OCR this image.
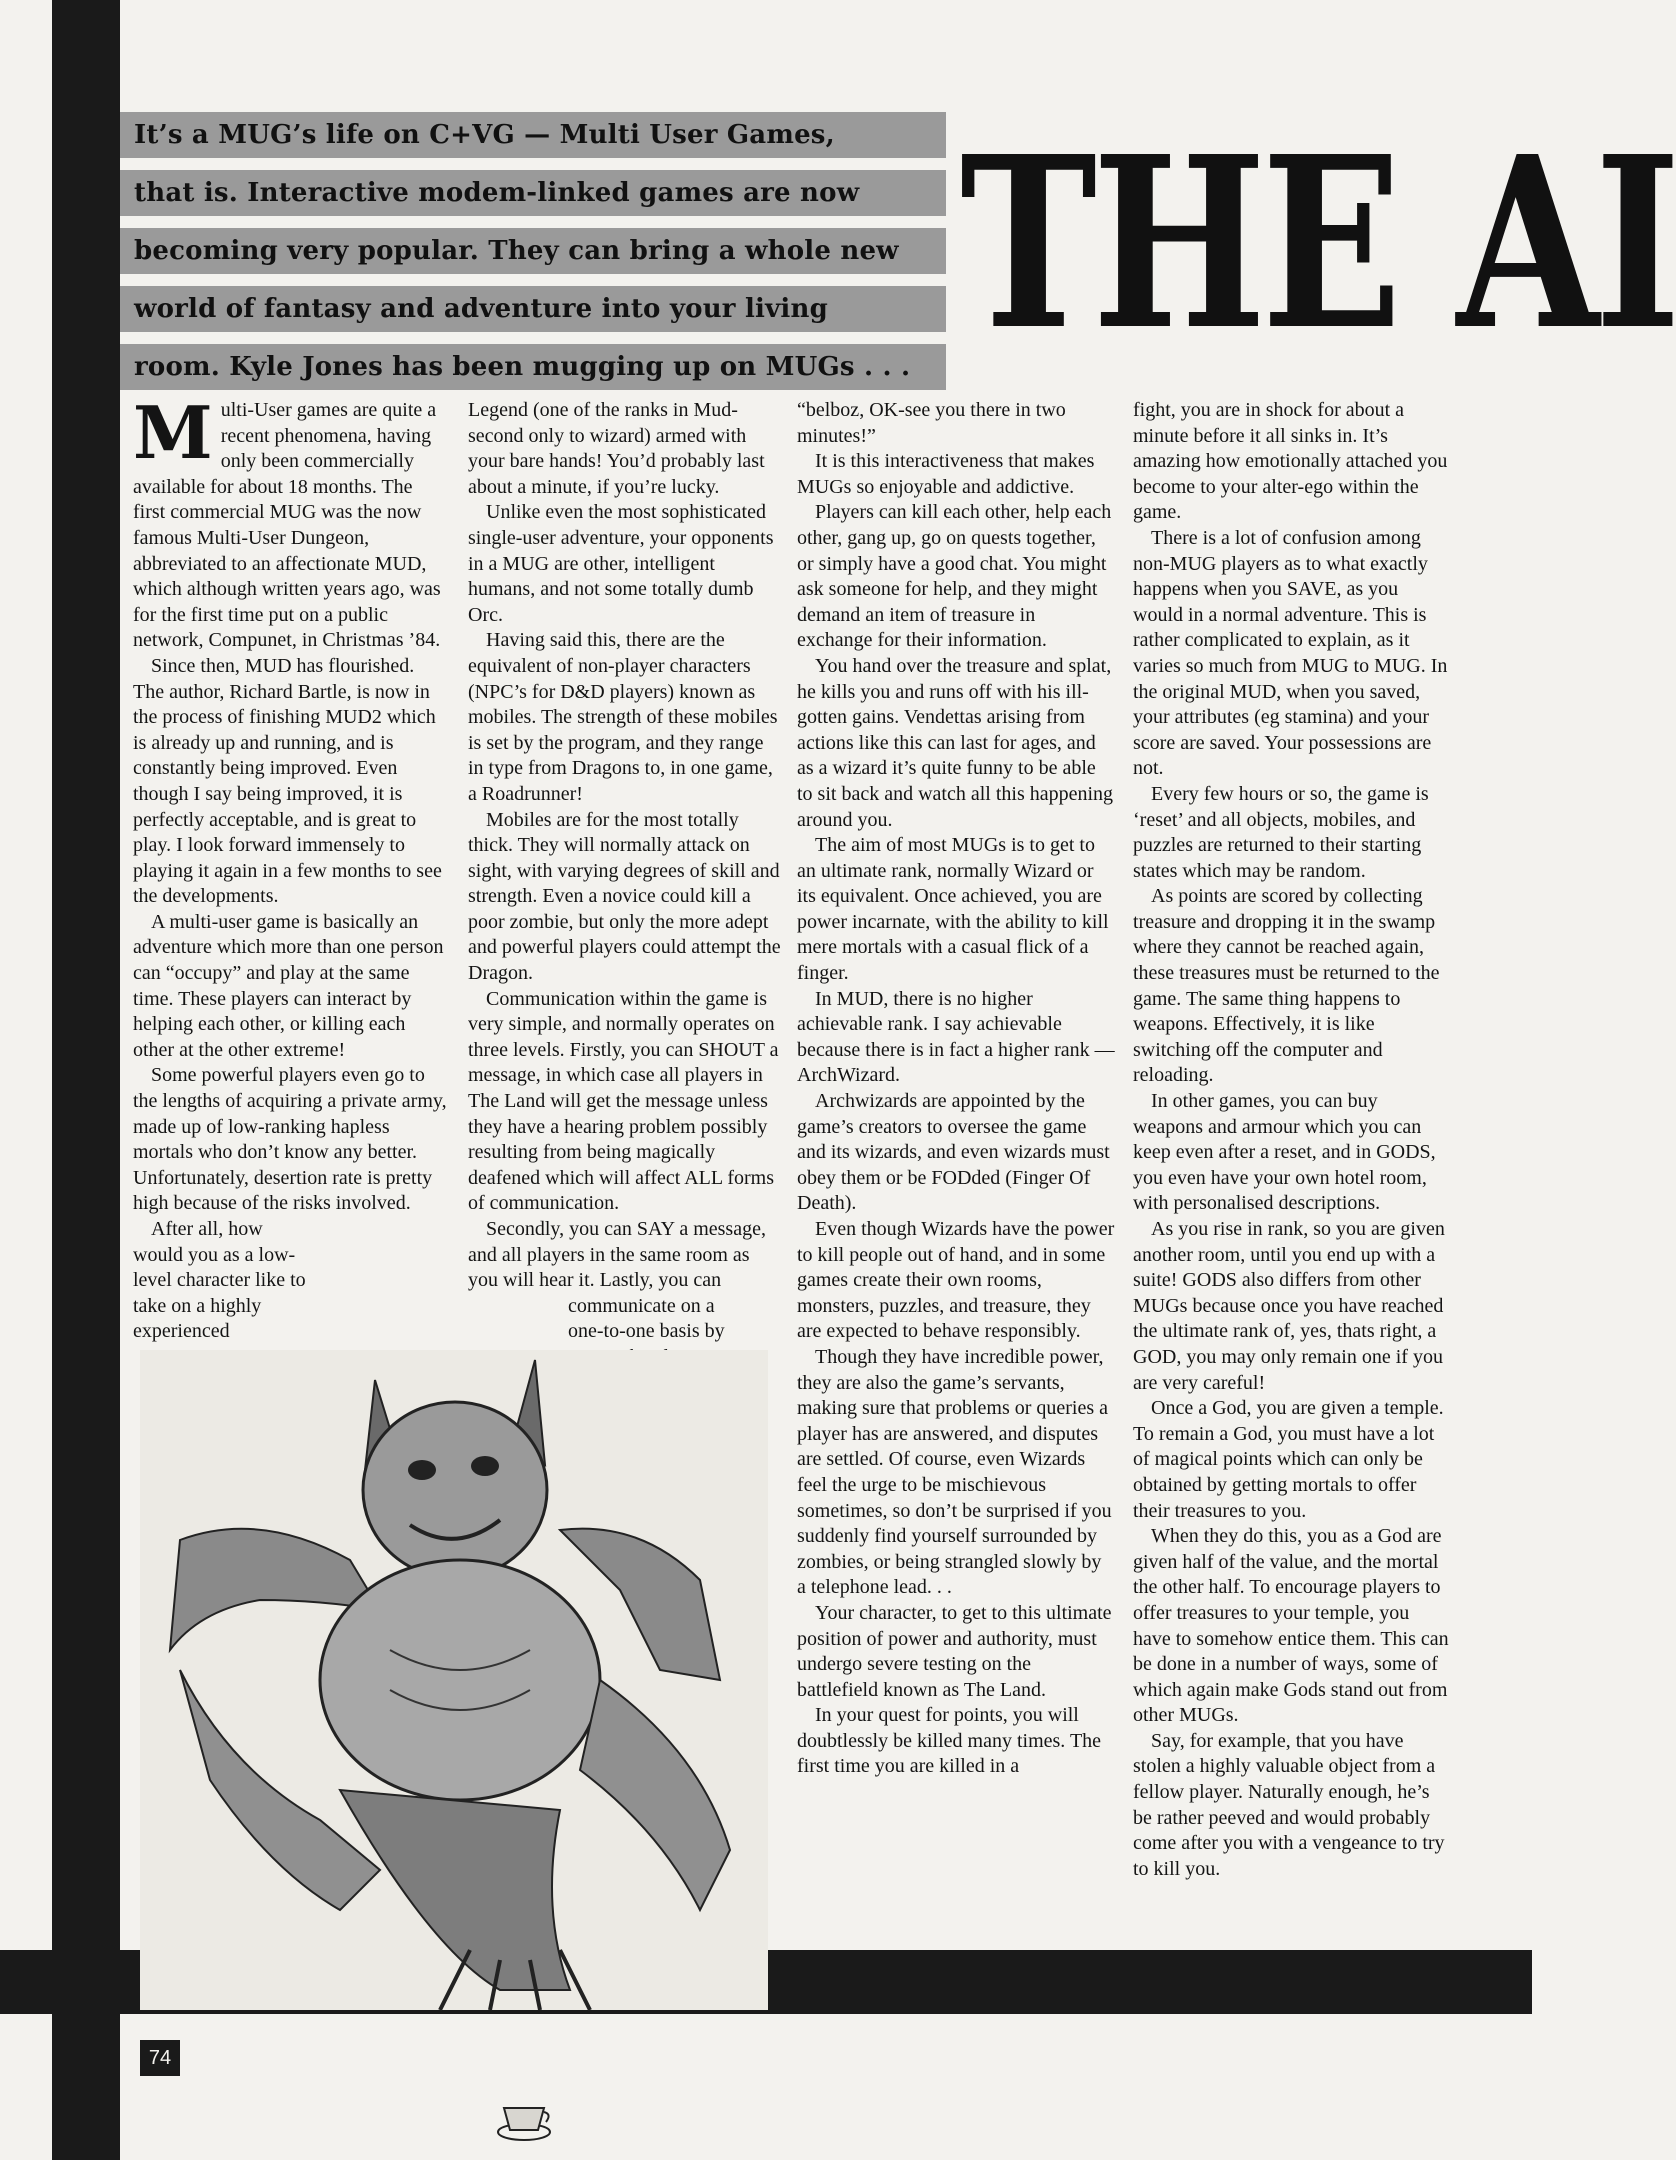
It’s a MUG’s life on C+VG — Multi User Games,
that is. Interactive modem-linked games are now
becoming very popular. They can bring a whole new
world of fantasy and adventure into your living
room. Kyle Jones has been mugging up on MUGs . . . THE AI

Multi-User games are quite a recent phenomena, having only been commercially available for about 18 months. The first commercial MUG was the now famous Multi-User Dungeon, abbreviated to an affectionate MUD, which although written years ago, was for the first time put on a public network, Compunet, in Christmas ’84.

Since then, MUD has flourished. The author, Richard Bartle, is now in the process of finishing MUD2 which is already up and running, and is constantly being improved. Even though I say being improved, it is perfectly acceptable, and is great to play. I look forward immensely to playing it again in a few months to see the developments.

A multi-user game is basically an adventure which more than one person can “occupy” and play at the same time. These players can interact by helping each other, or killing each other at the other extreme!

Some powerful players even go to the lengths of acquiring a private army, made up of low-ranking hapless mortals who don’t know any better. Unfortunately, desertion rate is pretty high because of the risks involved.

After all, how would you as a low-level character like to take on a highly experienced

Legend (one of the ranks in Mud-second only to wizard) armed with your bare hands! You’d probably last about a minute, if you’re lucky.

Unlike even the most sophisticated single-user adventure, your opponents in a MUG are other, intelligent humans, and not some totally dumb Orc.

Having said this, there are the equivalent of non-player characters (NPC’s for D&D players) known as mobiles. The strength of these mobiles is set by the program, and they range in type from Dragons to, in one game, a Roadrunner!

Mobiles are for the most totally thick. They will normally attack on sight, with varying degrees of skill and strength. Even a novice could kill a poor zombie, but only the more adept and powerful players could attempt the Dragon.

Communication within the game is very simple, and normally operates on three levels. Firstly, you can SHOUT a message, in which case all players in The Land will get the message unless they have a hearing problem possibly resulting from being magically deafened which will affect ALL forms of communication.

Secondly, you can SAY a message, and all players in the same room as you will hear it. Lastly, you can

communicate on a
one-to-one basis by

“belboz, OK-see you there in two minutes!”

It is this interactiveness that makes MUGs so enjoyable and addictive.

Players can kill each other, help each other, gang up, go on quests together, or simply have a good chat. You might ask someone for help, and they might demand an item of treasure in exchange for their information.

You hand over the treasure and splat, he kills you and runs off with his ill-gotten gains. Vendettas arising from actions like this can last for ages, and as a wizard it’s quite funny to be able to sit back and watch all this happening around you.

The aim of most MUGs is to get to an ultimate rank, normally Wizard or its equivalent. Once achieved, you are power incarnate, with the ability to kill mere mortals with a casual flick of a finger.

In MUD, there is no higher achievable rank. I say achievable because there is in fact a higher rank — ArchWizard.

Archwizards are appointed by the game’s creators to oversee the game and its wizards, and even wizards must obey them or be FODded (Finger Of Death).

Even though Wizards have the power to kill people out of hand, and in some games create their own rooms, monsters, puzzles, and treasure, they are expected to behave responsibly.

Though they have incredible power, they are also the game’s servants, making sure that problems or queries a player has are answered, and disputes are settled. Of course, even Wizards feel the urge to be mischievous sometimes, so don’t be surprised if you suddenly find yourself surrounded by zombies, or being strangled slowly by a telephone lead. . .

Your character, to get to this ultimate position of power and authority, must undergo severe testing on the battlefield known as The Land.

In your quest for points, you will doubtlessly be killed many times. The first time you are killed in a

fight, you are in shock for about a minute before it all sinks in. It’s amazing how emotionally attached you become to your alter-ego within the game.

There is a lot of confusion among non-MUG players as to what exactly happens when you SAVE, as you would in a normal adventure. This is rather complicated to explain, as it varies so much from MUG to MUG. In the original MUD, when you saved, your attributes (eg stamina) and your score are saved. Your possessions are not.

Every few hours or so, the game is ‘reset’ and all objects, mobiles, and puzzles are returned to their starting states which may be random.

As points are scored by collecting treasure and dropping it in the swamp where they cannot be reached again, these treasures must be returned to the game. The same thing happens to weapons. Effectively, it is like switching off the computer and reloading.

In other games, you can buy weapons and armour which you can keep even after a reset, and in GODS, you even have your own hotel room, with personalised descriptions.

As you rise in rank, so you are given another room, until you end up with a suite! GODS also differs from other MUGs because once you have reached the ultimate rank of, yes, thats right, a GOD, you may only remain one if you are very careful!

Once a God, you are given a temple. To remain a God, you must have a lot of magical points which can only be obtained by getting mortals to offer their treasures to you.

When they do this, you as a God are given half of the value, and the mortal the other half. To encourage players to offer treasures to your temple, you have to somehow entice them. This can be done in a number of ways, some of which again make Gods stand out from other MUGs.

Say, for example, that you have stolen a highly valuable object from a fellow player. Naturally enough, he’s be rather peeved and would probably come after you with a vengeance to try to kill you.

74
